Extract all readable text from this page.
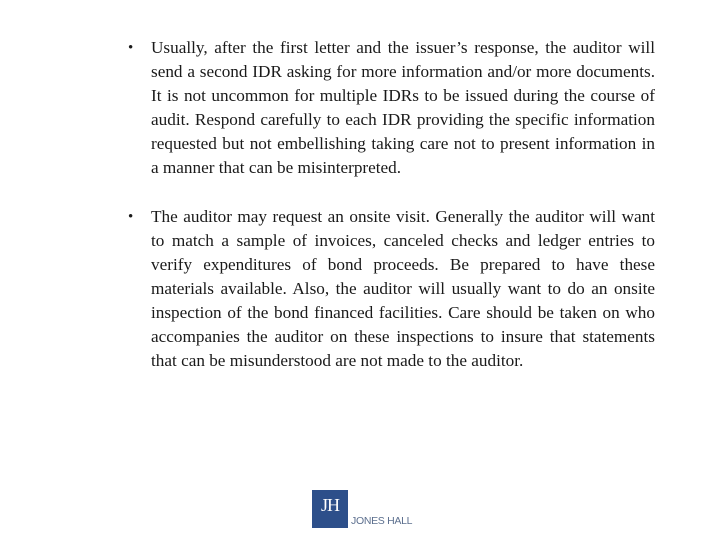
•	Usually, after the first letter and the issuer’s response, the auditor will send a second IDR asking for more information and/or more documents. It is not uncommon for multiple IDRs to be issued during the course of audit. Respond carefully to each IDR providing the specific information requested but not embellishing taking care not to present information in a manner that can be misinterpreted.
•	The auditor may request an onsite visit. Generally the auditor will want to match a sample of invoices, canceled checks and ledger entries to verify expenditures of bond proceeds. Be prepared to have these materials available. Also, the auditor will usually want to do an onsite inspection of the bond financed facilities. Care should be taken on who accompanies the auditor on these inspections to insure that statements that can be misunderstood are not made to the auditor.
JH
JONES HALL
